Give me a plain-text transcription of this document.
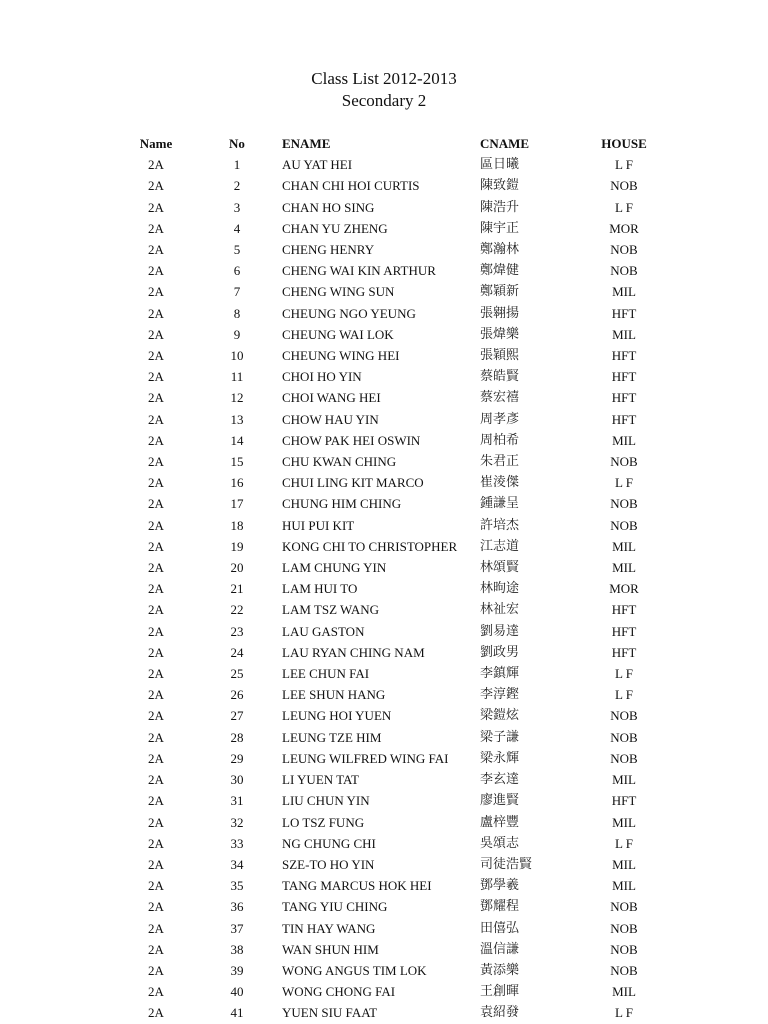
Class List 2012-2013
Secondary 2
	Name	No	ENAME	CNAME	HOUSE	
	2A	1	AU YAT HEI	區日曦	L F	
	2A	2	CHAN CHI HOI CURTIS	陳致鎧	NOB	
	2A	3	CHAN HO SING	陳浩升	L F	
	2A	4	CHAN YU ZHENG	陳宇正	MOR	
	2A	5	CHENG HENRY	鄭瀚林	NOB	
	2A	6	CHENG WAI KIN ARTHUR	鄭煒健	NOB	
	2A	7	CHENG WING SUN	鄭穎新	MIL	
	2A	8	CHEUNG NGO YEUNG	張翱揚	HFT	
	2A	9	CHEUNG WAI LOK	張煒樂	MIL	
	2A	10	CHEUNG WING HEI	張穎熙	HFT	
	2A	11	CHOI HO YIN	蔡皓賢	HFT	
	2A	12	CHOI WANG HEI	蔡宏禧	HFT	
	2A	13	CHOW HAU YIN	周孝彥	HFT	
	2A	14	CHOW PAK HEI OSWIN	周柏希	MIL	
	2A	15	CHU KWAN CHING	朱君正	NOB	
	2A	16	CHUI LING KIT MARCO	崔淩傑	L F	
	2A	17	CHUNG HIM CHING	鍾謙呈	NOB	
	2A	18	HUI PUI KIT	許培杰	NOB	
	2A	19	KONG CHI TO CHRISTOPHER	江志道	MIL	
	2A	20	LAM CHUNG YIN	林頌賢	MIL	
	2A	21	LAM HUI TO	林昫途	MOR	
	2A	22	LAM TSZ WANG	林祉宏	HFT	
	2A	23	LAU GASTON	劉易達	HFT	
	2A	24	LAU RYAN CHING NAM	劉政男	HFT	
	2A	25	LEE CHUN FAI	李鎮輝	L F	
	2A	26	LEE SHUN HANG	李淳鏗	L F	
	2A	27	LEUNG HOI YUEN	梁鎧炫	NOB	
	2A	28	LEUNG TZE HIM	梁子謙	NOB	
	2A	29	LEUNG WILFRED WING FAI	梁永輝	NOB	
	2A	30	LI YUEN TAT	李玄達	MIL	
	2A	31	LIU CHUN YIN	廖進賢	HFT	
	2A	32	LO TSZ FUNG	盧梓豐	MIL	
	2A	33	NG CHUNG CHI	吳頌志	L F	
	2A	34	SZE-TO HO YIN	司徒浩賢	MIL	
	2A	35	TANG MARCUS HOK HEI	鄧學羲	MIL	
	2A	36	TANG YIU CHING	鄧耀程	NOB	
	2A	37	TIN HAY WANG	田僖弘	NOB	
	2A	38	WAN SHUN HIM	溫信謙	NOB	
	2A	39	WONG ANGUS TIM LOK	黃添樂	NOB	
	2A	40	WONG CHONG FAI	王創暉	MIL	
	2A	41	YUEN SIU FAAT	袁紹發	L F	
